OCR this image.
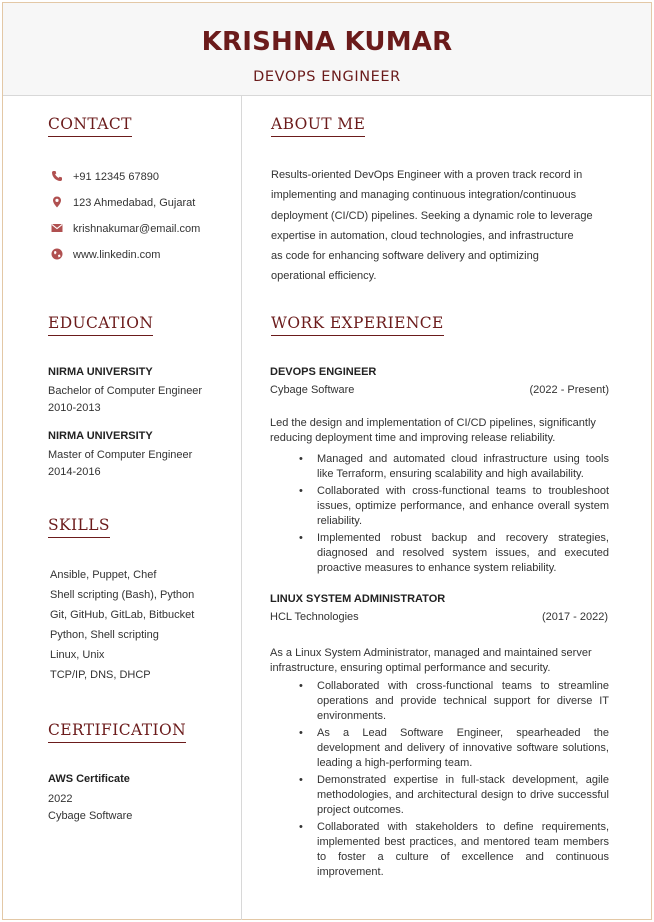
KRISHNA KUMAR
DEVOPS ENGINEER
CONTACT
+91 12345 67890
123 Ahmedabad, Gujarat
krishnakumar@email.com
www.linkedin.com
EDUCATION
NIRMA UNIVERSITY
Bachelor of Computer Engineer
2010-2013
NIRMA UNIVERSITY
Master of Computer Engineer
2014-2016
SKILLS
Ansible, Puppet, Chef
Shell scripting (Bash), Python
Git, GitHub, GitLab, Bitbucket
Python, Shell scripting
Linux, Unix
TCP/IP, DNS, DHCP
CERTIFICATION
AWS Certificate
2022
Cybage Software
ABOUT ME
Results-oriented DevOps Engineer with a proven track record in
implementing and managing continuous integration/continuous
deployment (CI/CD) pipelines. Seeking a dynamic role to leverage
expertise in automation, cloud technologies, and infrastructure
as code for enhancing software delivery and optimizing
operational efficiency.
WORK EXPERIENCE
DEVOPS ENGINEER
Cybage Software	(2022 - Present)
Led the design and implementation of CI/CD pipelines, significantly reducing deployment time and improving release reliability.
• Managed and automated cloud infrastructure using tools like Terraform, ensuring scalability and high availability.
• Collaborated with cross-functional teams to troubleshoot issues, optimize performance, and enhance overall system reliability.
• Implemented robust backup and recovery strategies, diagnosed and resolved system issues, and executed proactive measures to enhance system reliability.
LINUX SYSTEM ADMINISTRATOR
HCL Technologies	(2017 - 2022)
As a Linux System Administrator, managed and maintained server infrastructure, ensuring optimal performance and security.
• Collaborated with cross-functional teams to streamline operations and provide technical support for diverse IT environments.
• As a Lead Software Engineer, spearheaded the development and delivery of innovative software solutions, leading a high-performing team.
• Demonstrated expertise in full-stack development, agile methodologies, and architectural design to drive successful project outcomes.
• Collaborated with stakeholders to define requirements, implemented best practices, and mentored team members to foster a culture of excellence and continuous improvement.
